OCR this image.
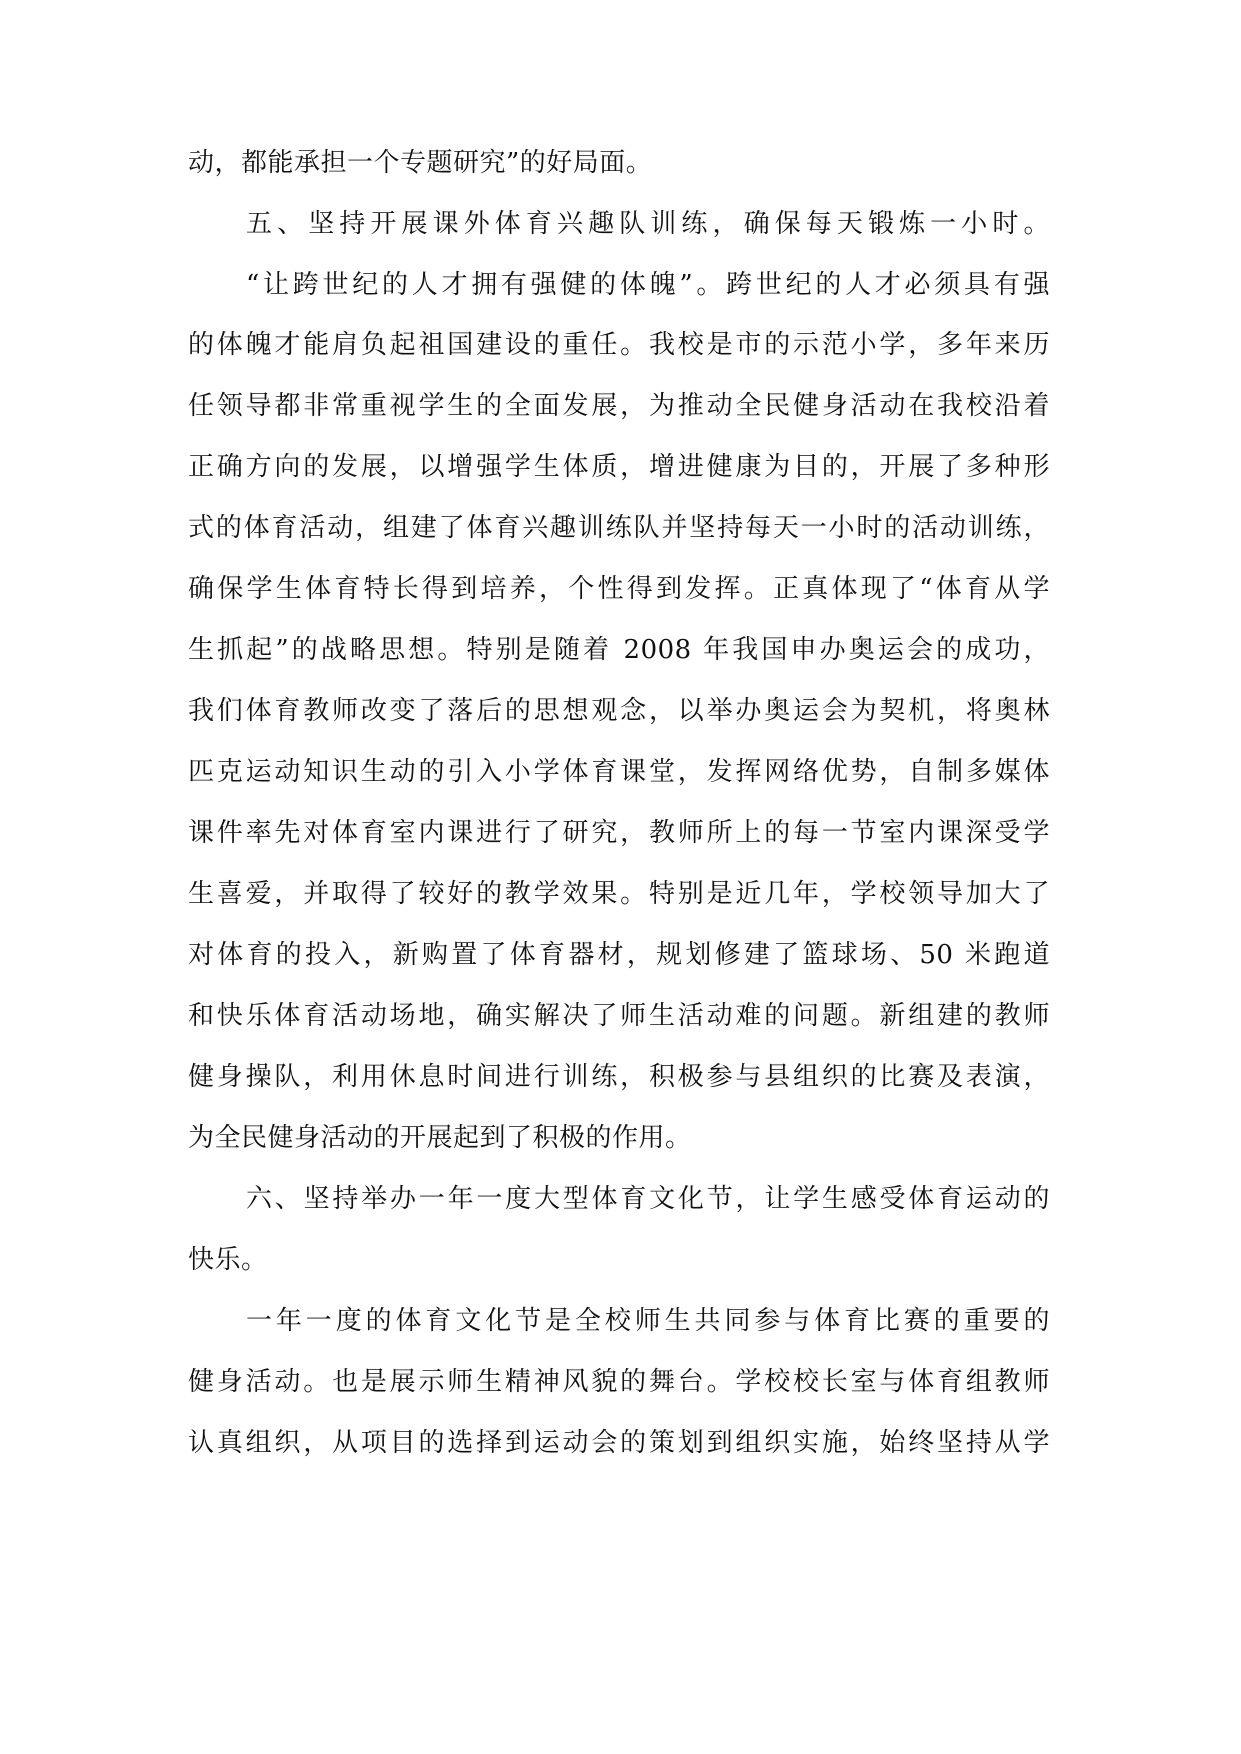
动，都能承担一个专题研究”的好局面。
五、坚持开展课外体育兴趣队训练，确保每天锻炼一小时。
“让跨世纪的人才拥有强健的体魄”。跨世纪的人才必须具有强
的体魄才能肩负起祖国建设的重任。我校是市的示范小学，多年来历
任领导都非常重视学生的全面发展，为推动全民健身活动在我校沿着
正确方向的发展，以增强学生体质，增进健康为目的，开展了多种形
式的体育活动，组建了体育兴趣训练队并坚持每天一小时的活动训练，
确保学生体育特长得到培养，个性得到发挥。正真体现了“体育从学
生抓起”的战略思想。特别是随着 2008 年我国申办奥运会的成功，
我们体育教师改变了落后的思想观念，以举办奥运会为契机，将奥林
匹克运动知识生动的引入小学体育课堂，发挥网络优势，自制多媒体
课件率先对体育室内课进行了研究，教师所上的每一节室内课深受学
生喜爱，并取得了较好的教学效果。特别是近几年，学校领导加大了
对体育的投入，新购置了体育器材，规划修建了篮球场、50 米跑道
和快乐体育活动场地，确实解决了师生活动难的问题。新组建的教师
健身操队，利用休息时间进行训练，积极参与县组织的比赛及表演，
为全民健身活动的开展起到了积极的作用。
六、坚持举办一年一度大型体育文化节，让学生感受体育运动的
快乐。
一年一度的体育文化节是全校师生共同参与体育比赛的重要的
健身活动。也是展示师生精神风貌的舞台。学校校长室与体育组教师
认真组织，从项目的选择到运动会的策划到组织实施，始终坚持从学
